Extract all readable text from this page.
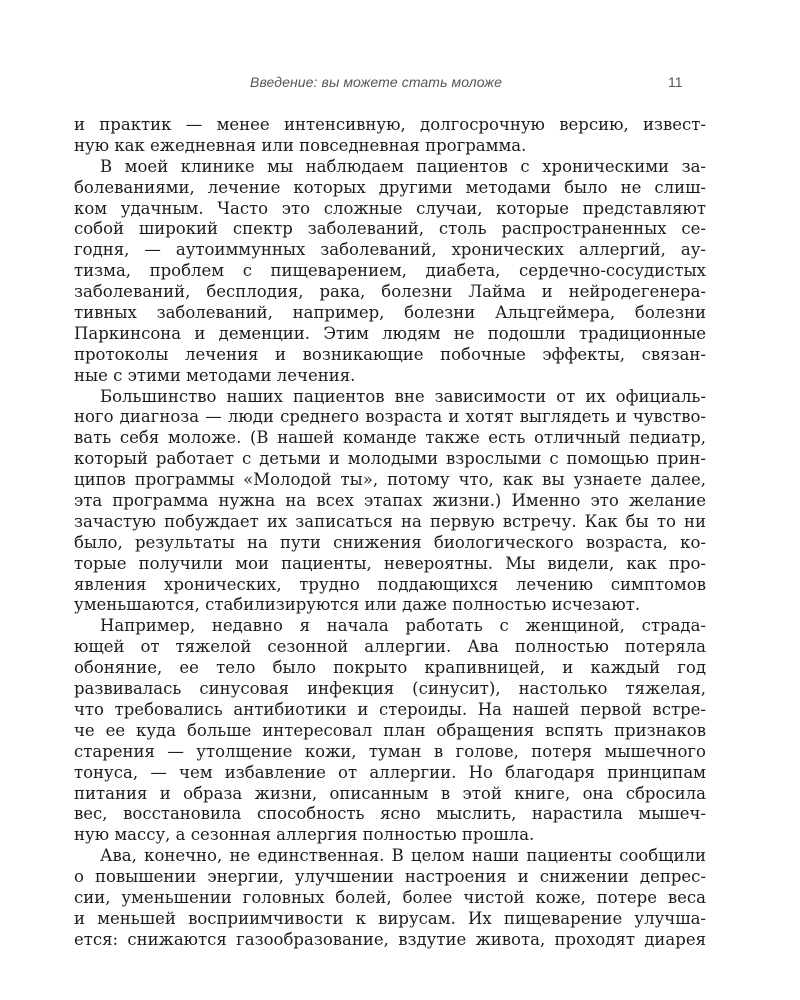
Введение: вы можете стать моложе	11
и практик — менее интенсивную, долгосрочную версию, извест-
ную как ежедневная или повседневная программа.
В моей клинике мы наблюдаем пациентов с хроническими за-
болеваниями, лечение которых другими методами было не слиш-
ком удачным. Часто это сложные случаи, которые представляют
собой широкий спектр заболеваний, столь распространенных се-
годня, — аутоиммунных заболеваний, хронических аллергий, ау-
тизма, проблем с пищеварением, диабета, сердечно-сосудистых
заболеваний, бесплодия, рака, болезни Лайма и нейродегенера-
тивных заболеваний, например, болезни Альцгеймера, болезни
Паркинсона и деменции. Этим людям не подошли традиционные
протоколы лечения и возникающие побочные эффекты, связан-
ные с этими методами лечения.
Большинство наших пациентов вне зависимости от их официаль-
ного диагноза — люди среднего возраста и хотят выглядеть и чувство-
вать себя моложе. (В нашей команде также есть отличный педиатр,
который работает с детьми и молодыми взрослыми с помощью прин-
ципов программы «Молодой ты», потому что, как вы узнаете далее,
эта программа нужна на всех этапах жизни.) Именно это желание
зачастую побуждает их записаться на первую встречу. Как бы то ни
было, результаты на пути снижения биологического возраста, ко-
торые получили мои пациенты, невероятны. Мы видели, как про-
явления хронических, трудно поддающихся лечению симптомов
уменьшаются, стабилизируются или даже полностью исчезают.
Например, недавно я начала работать с женщиной, страда-
ющей от тяжелой сезонной аллергии. Ава полностью потеряла
обоняние, ее тело было покрыто крапивницей, и каждый год
развивалась синусовая инфекция (синусит), настолько тяжелая,
что требовались антибиотики и стероиды. На нашей первой встре-
че ее куда больше интересовал план обращения вспять признаков
старения — утолщение кожи, туман в голове, потеря мышечного
тонуса, — чем избавление от аллергии. Но благодаря принципам
питания и образа жизни, описанным в этой книге, она сбросила
вес, восстановила способность ясно мыслить, нарастила мышеч-
ную массу, а сезонная аллергия полностью прошла.
Ава, конечно, не единственная. В целом наши пациенты сообщили
о повышении энергии, улучшении настроения и снижении депрес-
сии, уменьшении головных болей, более чистой коже, потере веса
и меньшей восприимчивости к вирусам. Их пищеварение улучша-
ется: снижаются газообразование, вздутие живота, проходят диарея
